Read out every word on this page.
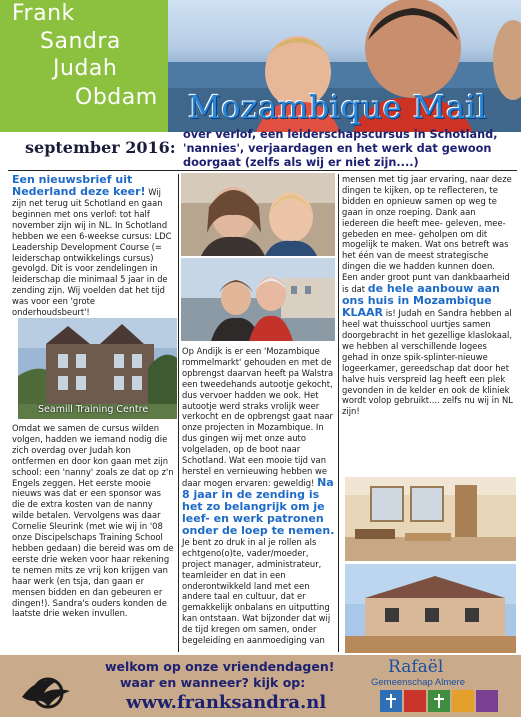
Frank
Sandra
Judah
Obdam Mozambique Mail
september 2016:
over verlof, een leiderschapscursus in Schotland, 'nannies', verjaardagen en het werk dat gewoon doorgaat (zelfs als wij er niet zijn....)
Een nieuwsbrief uit Nederland deze keer! Wij zijn net terug uit Schotland en gaan beginnen met ons verlof: tot half november zijn wij in NL. In Schotland hebben we een 6-weekse cursus: LDC Leadership Development Course (= leiderschap ontwikkelings cursus) gevolgd. Dit is voor zendelingen in leiderschap die minimaal 5 jaar in de zending zijn. Wij voelden dat het tijd was voor een 'grote onderhoudsbeurt'!
Seamill Training Centre
Omdat we samen de cursus wilden volgen, hadden we iemand nodig die zich overdag over Judah kon ontfermen en door kon gaan met zijn school: een 'nanny' zoals ze dat op z'n Engels zeggen. Het eerste mooie nieuws was dat er een sponsor was die de extra kosten van de nanny wilde betalen. Vervolgens was daar Cornelie Sleurink (met wie wij in '08 onze Discipelschaps Training School hebben gedaan) die bereid was om de eerste drie weken voor haar rekening te nemen mits ze vrij kon krijgen van haar werk (en tsja, dan gaan er mensen bidden en dan gebeuren er dingen!). Sandra's ouders konden de laatste drie weken invullen.
Op Andijk is er een 'Mozambique rommelmarkt' gehouden en met de opbrengst daarvan heeft pa Walstra een tweedehands autootje gekocht, dus vervoer hadden we ook. Het autootje werd straks vrolijk weer verkocht en de opbrengst gaat naar onze projecten in Mozambique. In dus gingen wij met onze auto volgeladen, op de boot naar Schotland. Wat een mooie tijd van herstel en vernieuwing hebben we daar mogen ervaren: geweldig! Na 8 jaar in de zending is het zo belangrijk om je leef- en werk patronen onder de loep te nemen. Je bent zo druk in al je rollen als echtgeno(o)te, vader/moeder, project manager, administrateur, teamleider en dat in een onderontwikkeld land met een andere taal en cultuur, dat er gemakkelijk onbalans en uitputting kan ontstaan. Wat bijzonder dat wij de tijd kregen om samen, onder begeleiding en aanmoediging van
mensen met tig jaar ervaring, naar deze dingen te kijken, op te reflecteren, te bidden en opnieuw samen op weg te gaan in onze roeping. Dank aan iedereen die heeft mee- geleven, mee- gebeden en mee- geholpen om dit mogelijk te maken. Wat ons betreft was het één van de meest strategische dingen die we hadden kunnen doen.
Een ander groot punt van dankbaarheid is dat de hele aanbouw aan ons huis in Mozambique KLAAR is! Judah en Sandra hebben al heel wat thuisschool uurtjes samen doorgebracht in het gezellige klaslokaal, we hebben al verschillende logees gehad in onze spik-splinter-nieuwe logeerkamer, gereedschap dat door het halve huis verspreid lag heeft een plek gevonden in de kelder en ook de kliniek wordt volop gebruikt.... zelfs nu wij in NL zijn!
welkom op onze vriendendagen!
waar en wanneer? kijk op:
www.franksandra.nl
Rafaël
Gemeenschap Almere
